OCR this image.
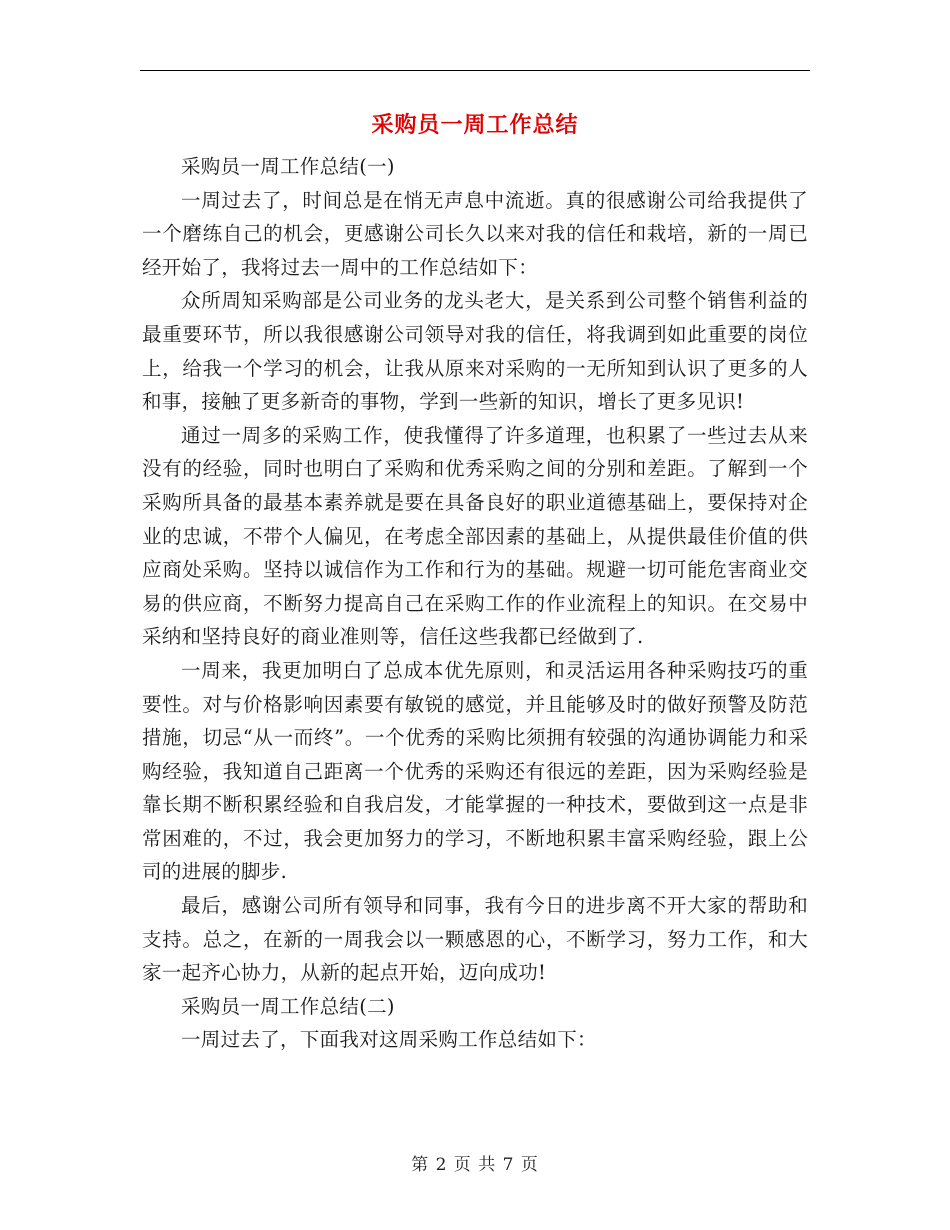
采购员一周工作总结

采购员一周工作总结(一)

一周过去了，时间总是在悄无声息中流逝。真的很感谢公司给我提供了一个磨练自己的机会，更感谢公司长久以来对我的信任和栽培，新的一周已经开始了，我将过去一周中的工作总结如下：

众所周知采购部是公司业务的龙头老大，是关系到公司整个销售利益的最重要环节，所以我很感谢公司领导对我的信任，将我调到如此重要的岗位上，给我一个学习的机会，让我从原来对采购的一无所知到认识了更多的人和事，接触了更多新奇的事物，学到一些新的知识，增长了更多见识!

通过一周多的采购工作，使我懂得了许多道理，也积累了一些过去从来没有的经验，同时也明白了采购和优秀采购之间的分别和差距。了解到一个采购所具备的最基本素养就是要在具备良好的职业道德基础上，要保持对企业的忠诚，不带个人偏见，在考虑全部因素的基础上，从提供最佳价值的供应商处采购。坚持以诚信作为工作和行为的基础。规避一切可能危害商业交易的供应商，不断努力提高自己在采购工作的作业流程上的知识。在交易中采纳和坚持良好的商业准则等，信任这些我都已经做到了.

一周来，我更加明白了总成本优先原则，和灵活运用各种采购技巧的重要性。对与价格影响因素要有敏锐的感觉，并且能够及时的做好预警及防范措施，切忌“从一而终”。一个优秀的采购比须拥有较强的沟通协调能力和采购经验，我知道自己距离一个优秀的采购还有很远的差距，因为采购经验是靠长期不断积累经验和自我启发，才能掌握的一种技术，要做到这一点是非常困难的，不过，我会更加努力的学习，不断地积累丰富采购经验，跟上公司的进展的脚步.

最后，感谢公司所有领导和同事，我有今日的进步离不开大家的帮助和支持。总之，在新的一周我会以一颗感恩的心，不断学习，努力工作，和大家一起齐心协力，从新的起点开始，迈向成功!

采购员一周工作总结(二)

一周过去了，下面我对这周采购工作总结如下：

第 2 页 共 7 页
